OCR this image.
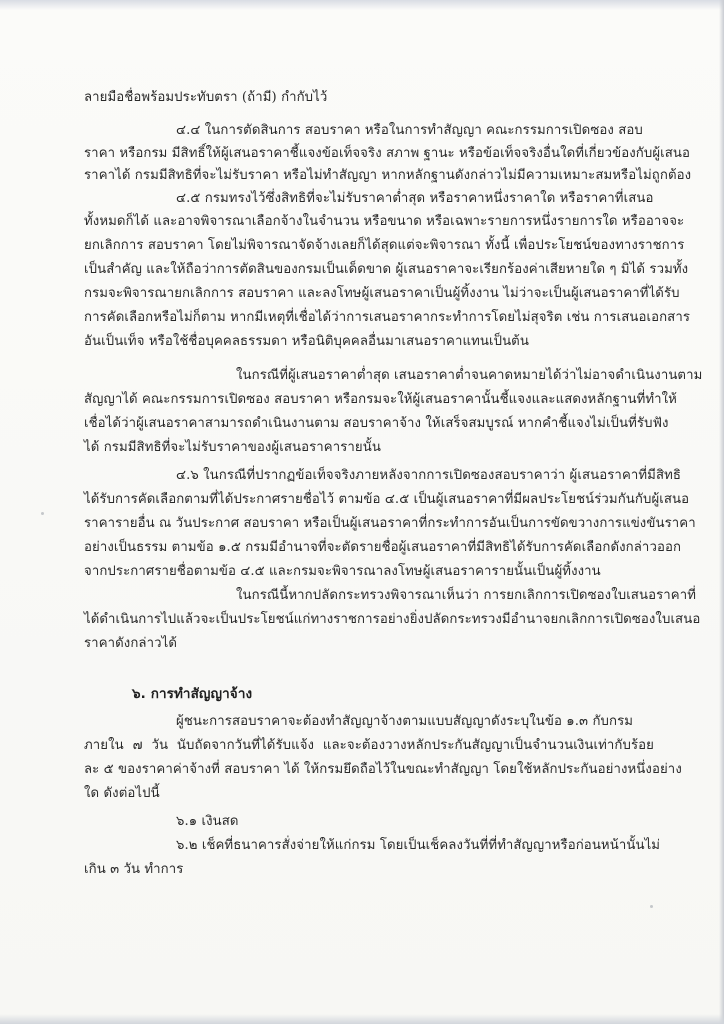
ลายมือชื่อพร้อมประทับตรา (ถ้ามี) กำกับไว้
๔.๔ ในการตัดสินการ สอบราคา หรือในการทำสัญญา คณะกรรมการเปิดซอง สอบ
ราคา หรือกรม มีสิทธิ์ให้ผู้เสนอราคาชี้แจงข้อเท็จจริง สภาพ ฐานะ หรือข้อเท็จจริงอื่นใดที่เกี่ยวข้องกับผู้เสนอ
ราคาได้ กรมมีสิทธิที่จะไม่รับราคา หรือไม่ทำสัญญา หากหลักฐานดังกล่าวไม่มีความเหมาะสมหรือไม่ถูกต้อง
๔.๕ กรมทรงไว้ซึ่งสิทธิที่จะไม่รับราคาต่ำสุด หรือราคาหนึ่งราคาใด หรือราคาที่เสนอ
ทั้งหมดก็ได้ และอาจพิจารณาเลือกจ้างในจำนวน หรือขนาด หรือเฉพาะรายการหนึ่งรายการใด หรืออาจจะ
ยกเลิกการ สอบราคา โดยไม่พิจารณาจัดจ้างเลยก็ได้สุดแต่จะพิจารณา ทั้งนี้ เพื่อประโยชน์ของทางราชการ
เป็นสำคัญ และให้ถือว่าการตัดสินของกรมเป็นเด็ดขาด ผู้เสนอราคาจะเรียกร้องค่าเสียหายใด ๆ มิได้ รวมทั้ง
กรมจะพิจารณายกเลิกการ สอบราคา และลงโทษผู้เสนอราคาเป็นผู้ทิ้งงาน ไม่ว่าจะเป็นผู้เสนอราคาที่ได้รับ
การคัดเลือกหรือไม่ก็ตาม หากมีเหตุที่เชื่อได้ว่าการเสนอราคากระทำการโดยไม่สุจริต เช่น การเสนอเอกสาร
อันเป็นเท็จ หรือใช้ชื่อบุคคลธรรมดา หรือนิติบุคคลอื่นมาเสนอราคาแทนเป็นต้น
ในกรณีที่ผู้เสนอราคาต่ำสุด เสนอราคาต่ำจนคาดหมายได้ว่าไม่อาจดำเนินงานตาม
สัญญาได้ คณะกรรมการเปิดซอง สอบราคา หรือกรมจะให้ผู้เสนอราคานั้นชี้แจงและแสดงหลักฐานที่ทำให้
เชื่อได้ว่าผู้เสนอราคาสามารถดำเนินงานตาม สอบราคาจ้าง ให้เสร็จสมบูรณ์ หากคำชี้แจงไม่เป็นที่รับฟัง
ได้ กรมมีสิทธิที่จะไม่รับราคาของผู้เสนอราคารายนั้น
๔.๖ ในกรณีที่ปรากฏข้อเท็จจริงภายหลังจากการเปิดซองสอบราคาว่า ผู้เสนอราคาที่มีสิทธิ
ได้รับการคัดเลือกตามที่ได้ประกาศรายชื่อไว้ ตามข้อ ๔.๕ เป็นผู้เสนอราคาที่มีผลประโยชน์ร่วมกันกับผู้เสนอ
ราคารายอื่น ณ วันประกาศ สอบราคา หรือเป็นผู้เสนอราคาที่กระทำการอันเป็นการขัดขวางการแข่งขันราคา
อย่างเป็นธรรม ตามข้อ ๑.๕ กรมมีอำนาจที่จะตัดรายชื่อผู้เสนอราคาที่มีสิทธิได้รับการคัดเลือกดังกล่าวออก
จากประกาศรายชื่อตามข้อ ๔.๕ และกรมจะพิจารณาลงโทษผู้เสนอราคารายนั้นเป็นผู้ทิ้งงาน
ในกรณีนี้หากปลัดกระทรวงพิจารณาเห็นว่า การยกเลิกการเปิดซองใบเสนอราคาที่
ได้ดำเนินการไปแล้วจะเป็นประโยชน์แก่ทางราชการอย่างยิ่งปลัดกระทรวงมีอำนาจยกเลิกการเปิดซองใบเสนอ
ราคาดังกล่าวได้
๖. การทำสัญญาจ้าง
ผู้ชนะการสอบราคาจะต้องทำสัญญาจ้างตามแบบสัญญาดังระบุในข้อ ๑.๓ กับกรม
ภายใน ๗ วัน นับถัดจากวันที่ได้รับแจ้ง และจะต้องวางหลักประกันสัญญาเป็นจำนวนเงินเท่ากับร้อย
ละ ๕ ของราคาค่าจ้างที่ สอบราคา ได้ ให้กรมยึดถือไว้ในขณะทำสัญญา โดยใช้หลักประกันอย่างหนึ่งอย่าง
ใด ดังต่อไปนี้
๖.๑ เงินสด
๖.๒ เช็คที่ธนาคารสั่งจ่ายให้แก่กรม โดยเป็นเช็คลงวันที่ที่ทำสัญญาหรือก่อนหน้านั้นไม่
เกิน ๓ วัน ทำการ
